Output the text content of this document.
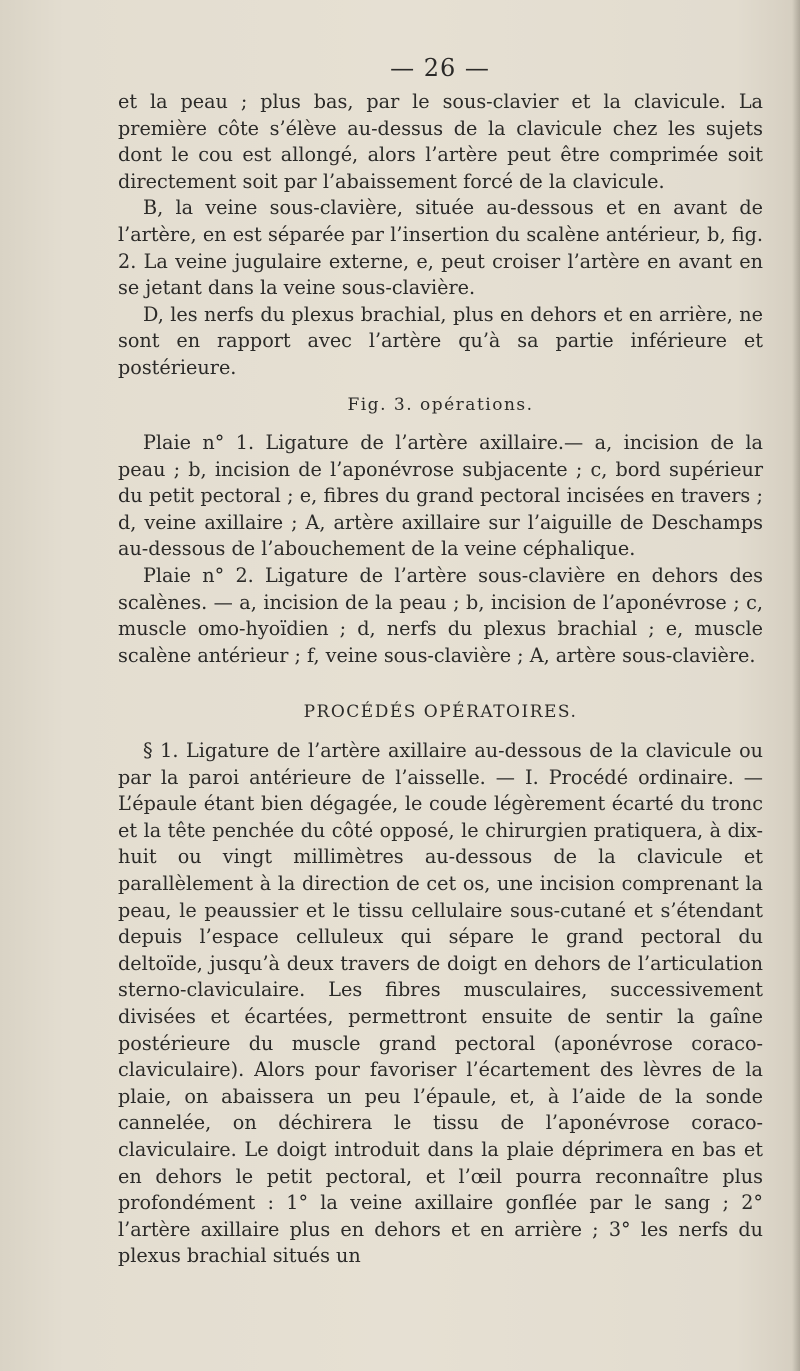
— 26 —

et la peau ; plus bas, par le sous-clavier et la clavicule. La première côte s’élève au-dessus de la clavicule chez les sujets dont le cou est allongé, alors l’artère peut être comprimée soit directement soit par l’abaissement forcé de la clavicule.

B, la veine sous-clavière, située au-dessous et en avant de l’artère, en est séparée par l’insertion du scalène antérieur, b, fig. 2. La veine jugulaire externe, e, peut croiser l’artère en avant en se jetant dans la veine sous-clavière.

D, les nerfs du plexus brachial, plus en dehors et en arrière, ne sont en rapport avec l’artère qu’à sa partie inférieure et postérieure.

Fig. 3. opérations.

Plaie n° 1. Ligature de l’artère axillaire.— a, incision de la peau ; b, incision de l’aponévrose subjacente ; c, bord supérieur du petit pectoral ; e, fibres du grand pectoral incisées en travers ; d, veine axillaire ; A, artère axillaire sur l’aiguille de Deschamps au-dessous de l’abouchement de la veine céphalique.

Plaie n° 2. Ligature de l’artère sous-clavière en dehors des scalènes. — a, incision de la peau ; b, incision de l’aponévrose ; c, muscle omo-hyoïdien ; d, nerfs du plexus brachial ; e, muscle scalène antérieur ; f, veine sous-clavière ; A, artère sous-clavière.

PROCÉDÉS OPÉRATOIRES.

§ 1. Ligature de l’artère axillaire au-dessous de la clavicule ou par la paroi antérieure de l’aisselle. — I. Procédé ordinaire. — L’épaule étant bien dégagée, le coude légèrement écarté du tronc et la tête penchée du côté opposé, le chirurgien pratiquera, à dix-huit ou vingt millimètres au-dessous de la clavicule et parallèlement à la direction de cet os, une incision comprenant la peau, le peaussier et le tissu cellulaire sous-cutané et s’étendant depuis l’espace celluleux qui sépare le grand pectoral du deltoïde, jusqu’à deux travers de doigt en dehors de l’articulation sterno-claviculaire. Les fibres musculaires, successivement divisées et écartées, permettront ensuite de sentir la gaîne postérieure du muscle grand pectoral (aponévrose coraco-claviculaire). Alors pour favoriser l’écartement des lèvres de la plaie, on abaissera un peu l’épaule, et, à l’aide de la sonde cannelée, on déchirera le tissu de l’aponévrose coraco-claviculaire. Le doigt introduit dans la plaie déprimera en bas et en dehors le petit pectoral, et l’œil pourra reconnaître plus profondément : 1° la veine axillaire gonflée par le sang ; 2° l’artère axillaire plus en dehors et en arrière ; 3° les nerfs du plexus brachial situés un
